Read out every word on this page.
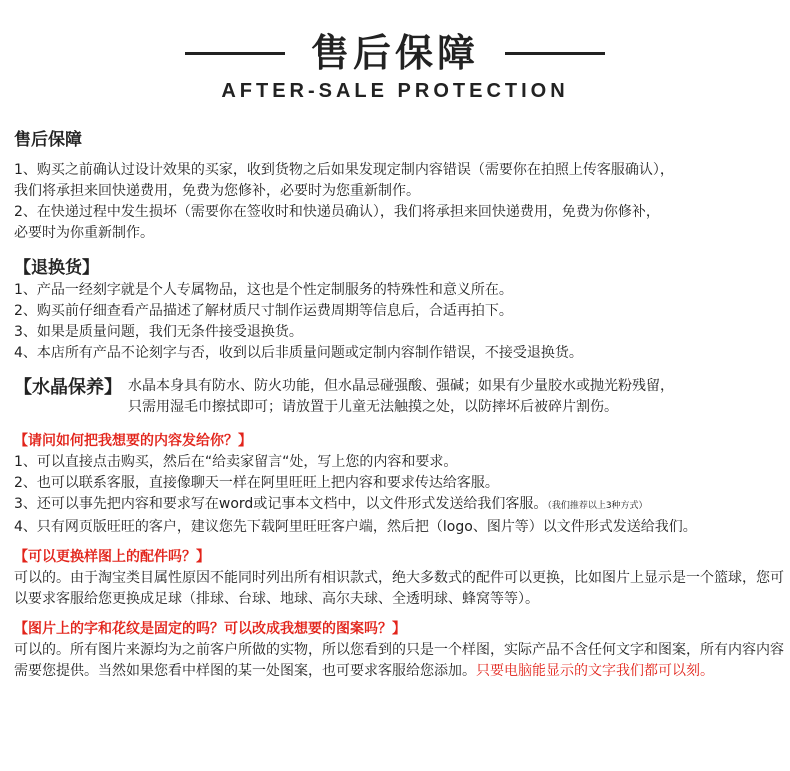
售后保障
AFTER-SALE PROTECTION
售后保障
1、购买之前确认过设计效果的买家，收到货物之后如果发现定制内容错误（需要你在拍照上传客服确认），
我们将承担来回快递费用，免费为您修补，必要时为您重新制作。
2、在快递过程中发生损坏（需要你在签收时和快递员确认），我们将承担来回快递费用，免费为你修补，
必要时为你重新制作。
【退换货】
1、产品一经刻字就是个人专属物品，这也是个性定制服务的特殊性和意义所在。
2、购买前仔细查看产品描述了解材质尺寸制作运费周期等信息后，合适再拍下。
3、如果是质量问题，我们无条件接受退换货。
4、本店所有产品不论刻字与否，收到以后非质量问题或定制内容制作错误，不接受退换货。
【水晶保养】 水晶本身具有防水、防火功能，但水晶忌碰强酸、强碱；如果有少量胶水或抛光粉残留，
只需用湿毛巾擦拭即可；请放置于儿童无法触摸之处，以防摔坏后被碎片割伤。
【请问如何把我想要的内容发给你？】
1、可以直接点击购买，然后在“给卖家留言“处，写上您的内容和要求。
2、也可以联系客服，直接像聊天一样在阿里旺旺上把内容和要求传达给客服。
3、还可以事先把内容和要求写在word或记事本文档中，以文件形式发送给我们客服。（我们推荐以上3种方式）
4、只有网页版旺旺的客户，建议您先下载阿里旺旺客户端，然后把（logo、图片等）以文件形式发送给我们。
【可以更换样图上的配件吗？】
可以的。由于淘宝类目属性原因不能同时列出所有相识款式，绝大多数式的配件可以更换，比如图片上显示是一个篮球，您可以要求客服给您更换成足球（排球、台球、地球、高尔夫球、全透明球、蜂窝等等）。
【图片上的字和花纹是固定的吗？可以改成我想要的图案吗？】
可以的。所有图片来源均为之前客户所做的实物，所以您看到的只是一个样图，实际产品不含任何文字和图案，所有内容内容需要您提供。当然如果您看中样图的某一处图案，也可要求客服给您添加。只要电脑能显示的文字我们都可以刻。
